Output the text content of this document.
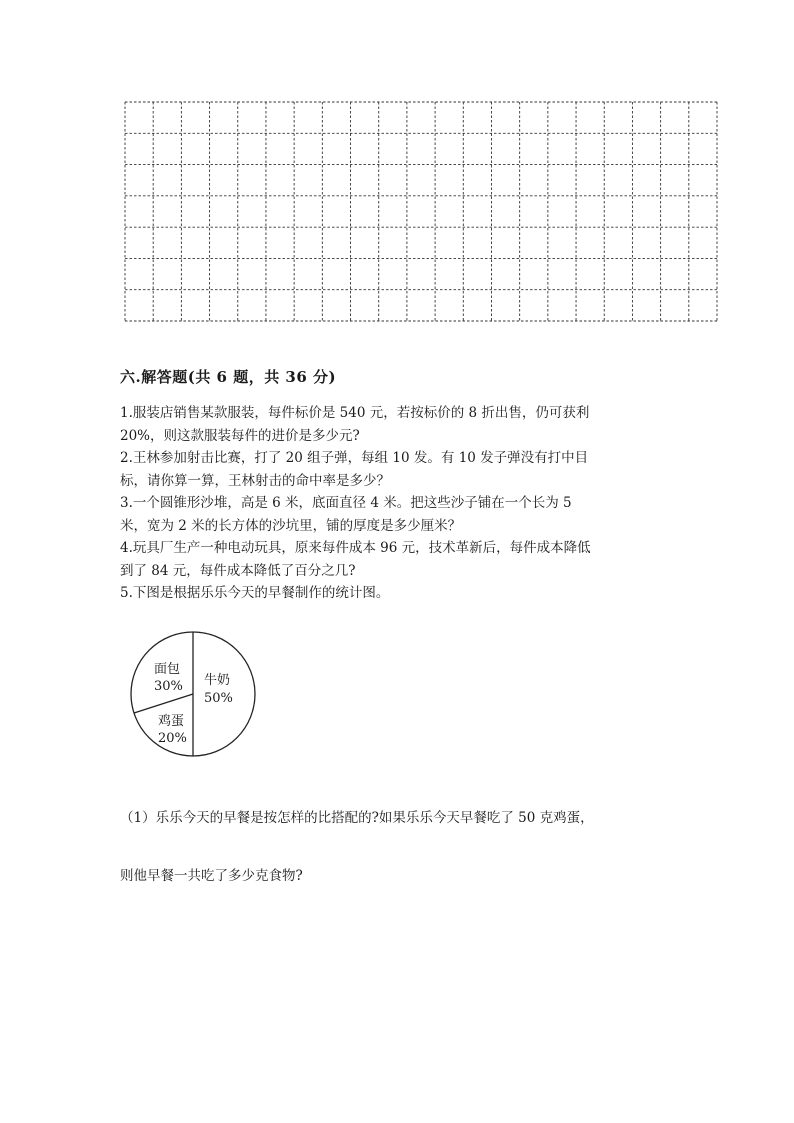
六.解答题(共 6 题，共 36 分)

1.服装店销售某款服装，每件标价是 540 元，若按标价的 8 折出售，仍可获利
20%，则这款服装每件的进价是多少元?

2.王林参加射击比赛，打了 20 组子弹，每组 10 发。有 10 发子弹没有打中目
标，请你算一算，王林射击的命中率是多少？

3.一个圆锥形沙堆，高是 6 米，底面直径 4 米。把这些沙子铺在一个长为 5
米，宽为 2 米的长方体的沙坑里，铺的厚度是多少厘米？

4.玩具厂生产一种电动玩具，原来每件成本 96 元，技术革新后，每件成本降低
到了 84 元，每件成本降低了百分之几?

5.下图是根据乐乐今天的早餐制作的统计图。

牛奶
50%
面包
30%
鸡蛋
20%
（1）乐乐今天的早餐是按怎样的比搭配的?如果乐乐今天早餐吃了 50 克鸡蛋，
则他早餐一共吃了多少克食物?
